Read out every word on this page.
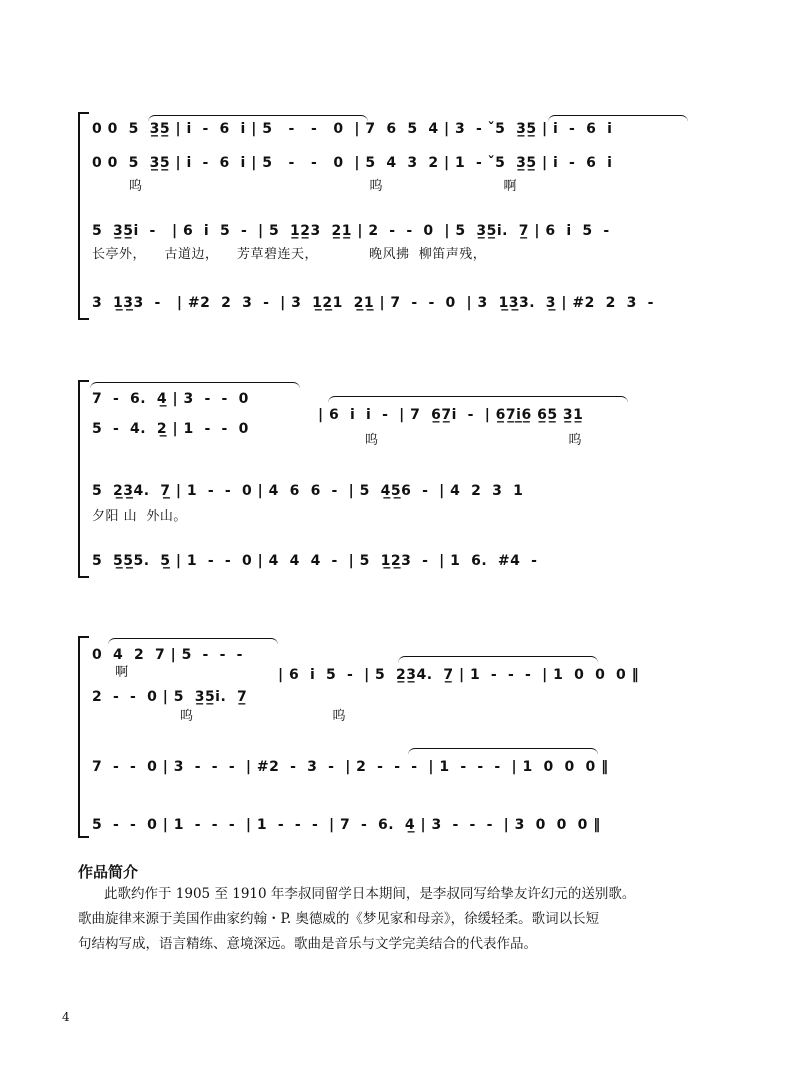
0 0  5  3̲5̲ | i  -  6  i | 5   -   -   0  | 7  6  5  4 | 3  - ˇ5  3̲5̲ | i  -  6  i
0 0  5  3̲5̲ | i  -  6  i | 5   -   -   0  | 5  4  3  2 | 1  - ˇ5  3̲5̲ | i  -  6  i
呜                                                 呜                          啊
5  3̲5̲i  -   | 6  i  5  -  | 5  1̲2̲3  2̲1̲ | 2  -  -  0  | 5  3̲5̲i.  7̲ | 6  i  5  -
长亭外，    古道边，    芳草碧连天，           晚风拂  柳笛声残，
3  1̲3̲3  -   | #2  2  3  -  | 3  1̲2̲1  2̲1̲ | 7  -  -  0  | 3  1̲3̲3.  3̲ | #2  2  3  -
7  -  6.  4̲ | 3  -  -  0
5  -  4.  2̲ | 1  -  -  0
| 6  i  i  -  | 7  6̲7̲i  -  | 6̲7̲i̲6̲ 6̲5̲ 3̲1̲
呜                                         呜
5  2̲3̲4.  7̲ | 1  -  -  0 | 4  6  6  -  | 5  4̲5̲6  -  | 4  2  3  1
夕阳 山  外山。
5  5̲5̲5.  5̲ | 1  -  -  0 | 4  4  4  -  | 5  1̲2̲3  -  | 1  6.  #4  -
0  4  2  7 | 5  -  -  -
啊
2  -  -  0 | 5  3̲5̲i.  7̲
| 6  i  5  -  | 5  2̲3̲4.  7̲ | 1  -  -  -  | 1  0  0  0 ‖
呜                              呜
7  -  -  0 | 3  -  -  -  | #2  -  3  -  | 2  -  -  -  | 1  -  -  -  | 1  0  0  0 ‖
5  -  -  0 | 1  -  -  -  | 1  -  -  -  | 7  -  6.  4̲ | 3  -  -  -  | 3  0  0  0 ‖
作品简介
此歌约作于 1905 至 1910 年李叔同留学日本期间，是李叔同写给挚友许幻元的送别歌。
歌曲旋律来源于美国作曲家约翰・P. 奥德威的《梦见家和母亲》，徐缓轻柔。歌词以长短
句结构写成，语言精练、意境深远。歌曲是音乐与文学完美结合的代表作品。
4
